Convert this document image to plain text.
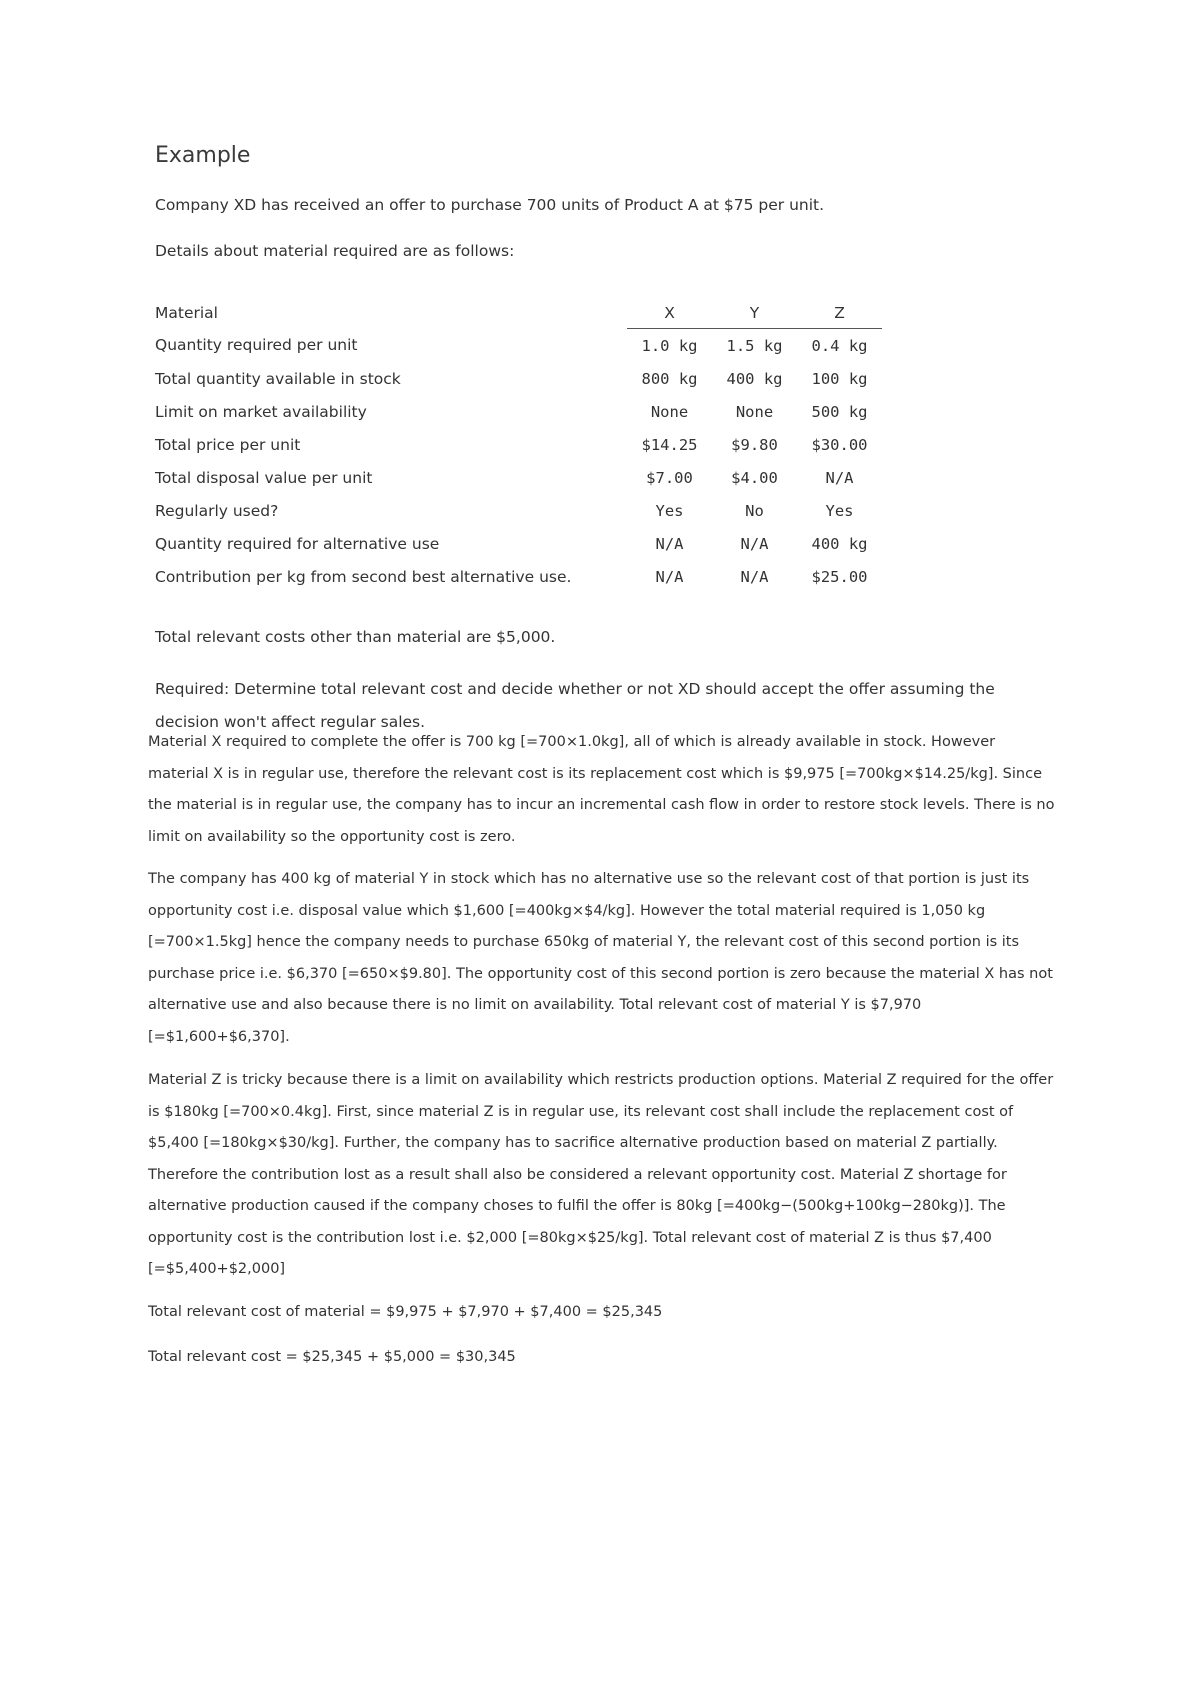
Example

Company XD has received an offer to purchase 700 units of Product A at $75 per unit.

Details about material required are as follows:

Material	X	Y	Z
Quantity required per unit	1.0 kg	1.5 kg	0.4 kg
Total quantity available in stock	800 kg	400 kg	100 kg
Limit on market availability	None	None	500 kg
Total price per unit	$14.25	$9.80	$30.00
Total disposal value per unit	$7.00	$4.00	N/A
Regularly used?	Yes	No	Yes
Quantity required for alternative use	N/A	N/A	400 kg
Contribution per kg from second best alternative use.	N/A	N/A	$25.00

Total relevant costs other than material are $5,000.

Required: Determine total relevant cost and decide whether or not XD should accept the offer assuming the decision won't affect regular sales.

Material X required to complete the offer is 700 kg [=700×1.0kg], all of which is already available in stock. However material X is in regular use, therefore the relevant cost is its replacement cost which is $9,975 [=700kg×$14.25/kg]. Since the material is in regular use, the company has to incur an incremental cash flow in order to restore stock levels. There is no limit on availability so the opportunity cost is zero.

The company has 400 kg of material Y in stock which has no alternative use so the relevant cost of that portion is just its opportunity cost i.e. disposal value which $1,600 [=400kg×$4/kg]. However the total material required is 1,050 kg [=700×1.5kg] hence the company needs to purchase 650kg of material Y, the relevant cost of this second portion is its purchase price i.e. $6,370 [=650×$9.80]. The opportunity cost of this second portion is zero because the material X has not alternative use and also because there is no limit on availability. Total relevant cost of material Y is $7,970 [=$1,600+$6,370].

Material Z is tricky because there is a limit on availability which restricts production options. Material Z required for the offer is $180kg [=700×0.4kg]. First, since material Z is in regular use, its relevant cost shall include the replacement cost of $5,400 [=180kg×$30/kg]. Further, the company has to sacrifice alternative production based on material Z partially. Therefore the contribution lost as a result shall also be considered a relevant opportunity cost. Material Z shortage for alternative production caused if the company choses to fulfil the offer is 80kg [=400kg−(500kg+100kg−280kg)]. The opportunity cost is the contribution lost i.e. $2,000 [=80kg×$25/kg]. Total relevant cost of material Z is thus $7,400 [=$5,400+$2,000]

Total relevant cost of material = $9,975 + $7,970 + $7,400 = $25,345

Total relevant cost = $25,345 + $5,000 = $30,345
